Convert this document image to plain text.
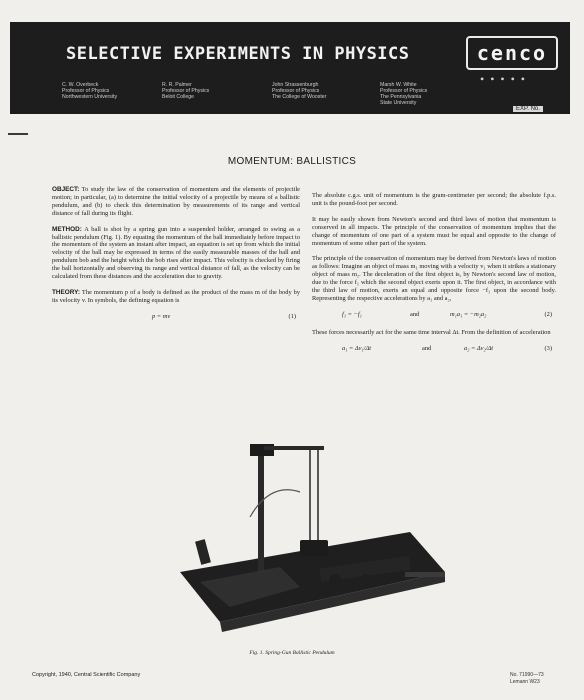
SELECTIVE EXPERIMENTS IN PHYSICS	cenco
•••••
C. W. Overbeck
Professor of Physics
Northwestern University
R. R. Palmer
Professor of Physics
Beloit College
John Strassenburgh
Professor of Physics
The College of Wooster
Marsh W. White
Professor of Physics
The Pennsylvania
State University
EXP. No.
MOMENTUM: BALLISTICS

OBJECT: To study the law of the conservation of momentum and the elements of projectile motion; in particular, (a) to determine the initial velocity of a projectile by means of a ballistic pendulum, and (b) to check this determination by measurements of its range and vertical distance of fall during its flight.

METHOD: A ball is shot by a spring gun into a suspended holder, arranged to swing as a ballistic pendulum (Fig. 1). By equating the momentum of the ball immediately before impact to the momentum of the system an instant after impact, an equation is set up from which the initial velocity of the ball may be expressed in terms of the easily measurable masses of the ball and pendulum bob and the height which the bob rises after impact. This velocity is checked by firing the ball horizontally and observing its range and vertical distance of fall, as the velocity can be calculated from these distances and the acceleration due to gravity.

THEORY: The momentum p of a body is defined as the product of the mass m of the body by its velocity v. In symbols, the defining equation is

p = mv	(1)

The absolute c.g.s. unit of momentum is the gram-centimeter per second; the absolute f.p.s. unit is the pound-foot per second.

It may be easily shown from Newton's second and third laws of motion that momentum is conserved in all impacts. The principle of the conservation of momentum implies that the change of momentum of one part of a system must be equal and opposite to the change of momentum of some other part of the system.

The principle of the conservation of momentum may be derived from Newton's laws of motion as follows: Imagine an object of mass m₁ moving with a velocity v₁ when it strikes a stationary object of mass m₂. The deceleration of the first object is, by Newton's second law of motion, due to the force f₁ which the second object exerts upon it. The first object, in accordance with the third law of motion, exerts an equal and opposite force −f₁ upon the second body. Representing the respective accelerations by a₁ and a₂,

f₁ = −f₁	and	m₁a₁ = −m₂a₂	(2)

These forces necessarily act for the same time interval Δt. From the definition of acceleration

a₁ = Δv₁/Δt	and	a₂ = Δv₂/Δt	(3)
Fig. 1. Spring-Gun Ballistic Pendulum
Copyright, 1940, Central Scientific Company	No. 71990—73
Lemann W23
